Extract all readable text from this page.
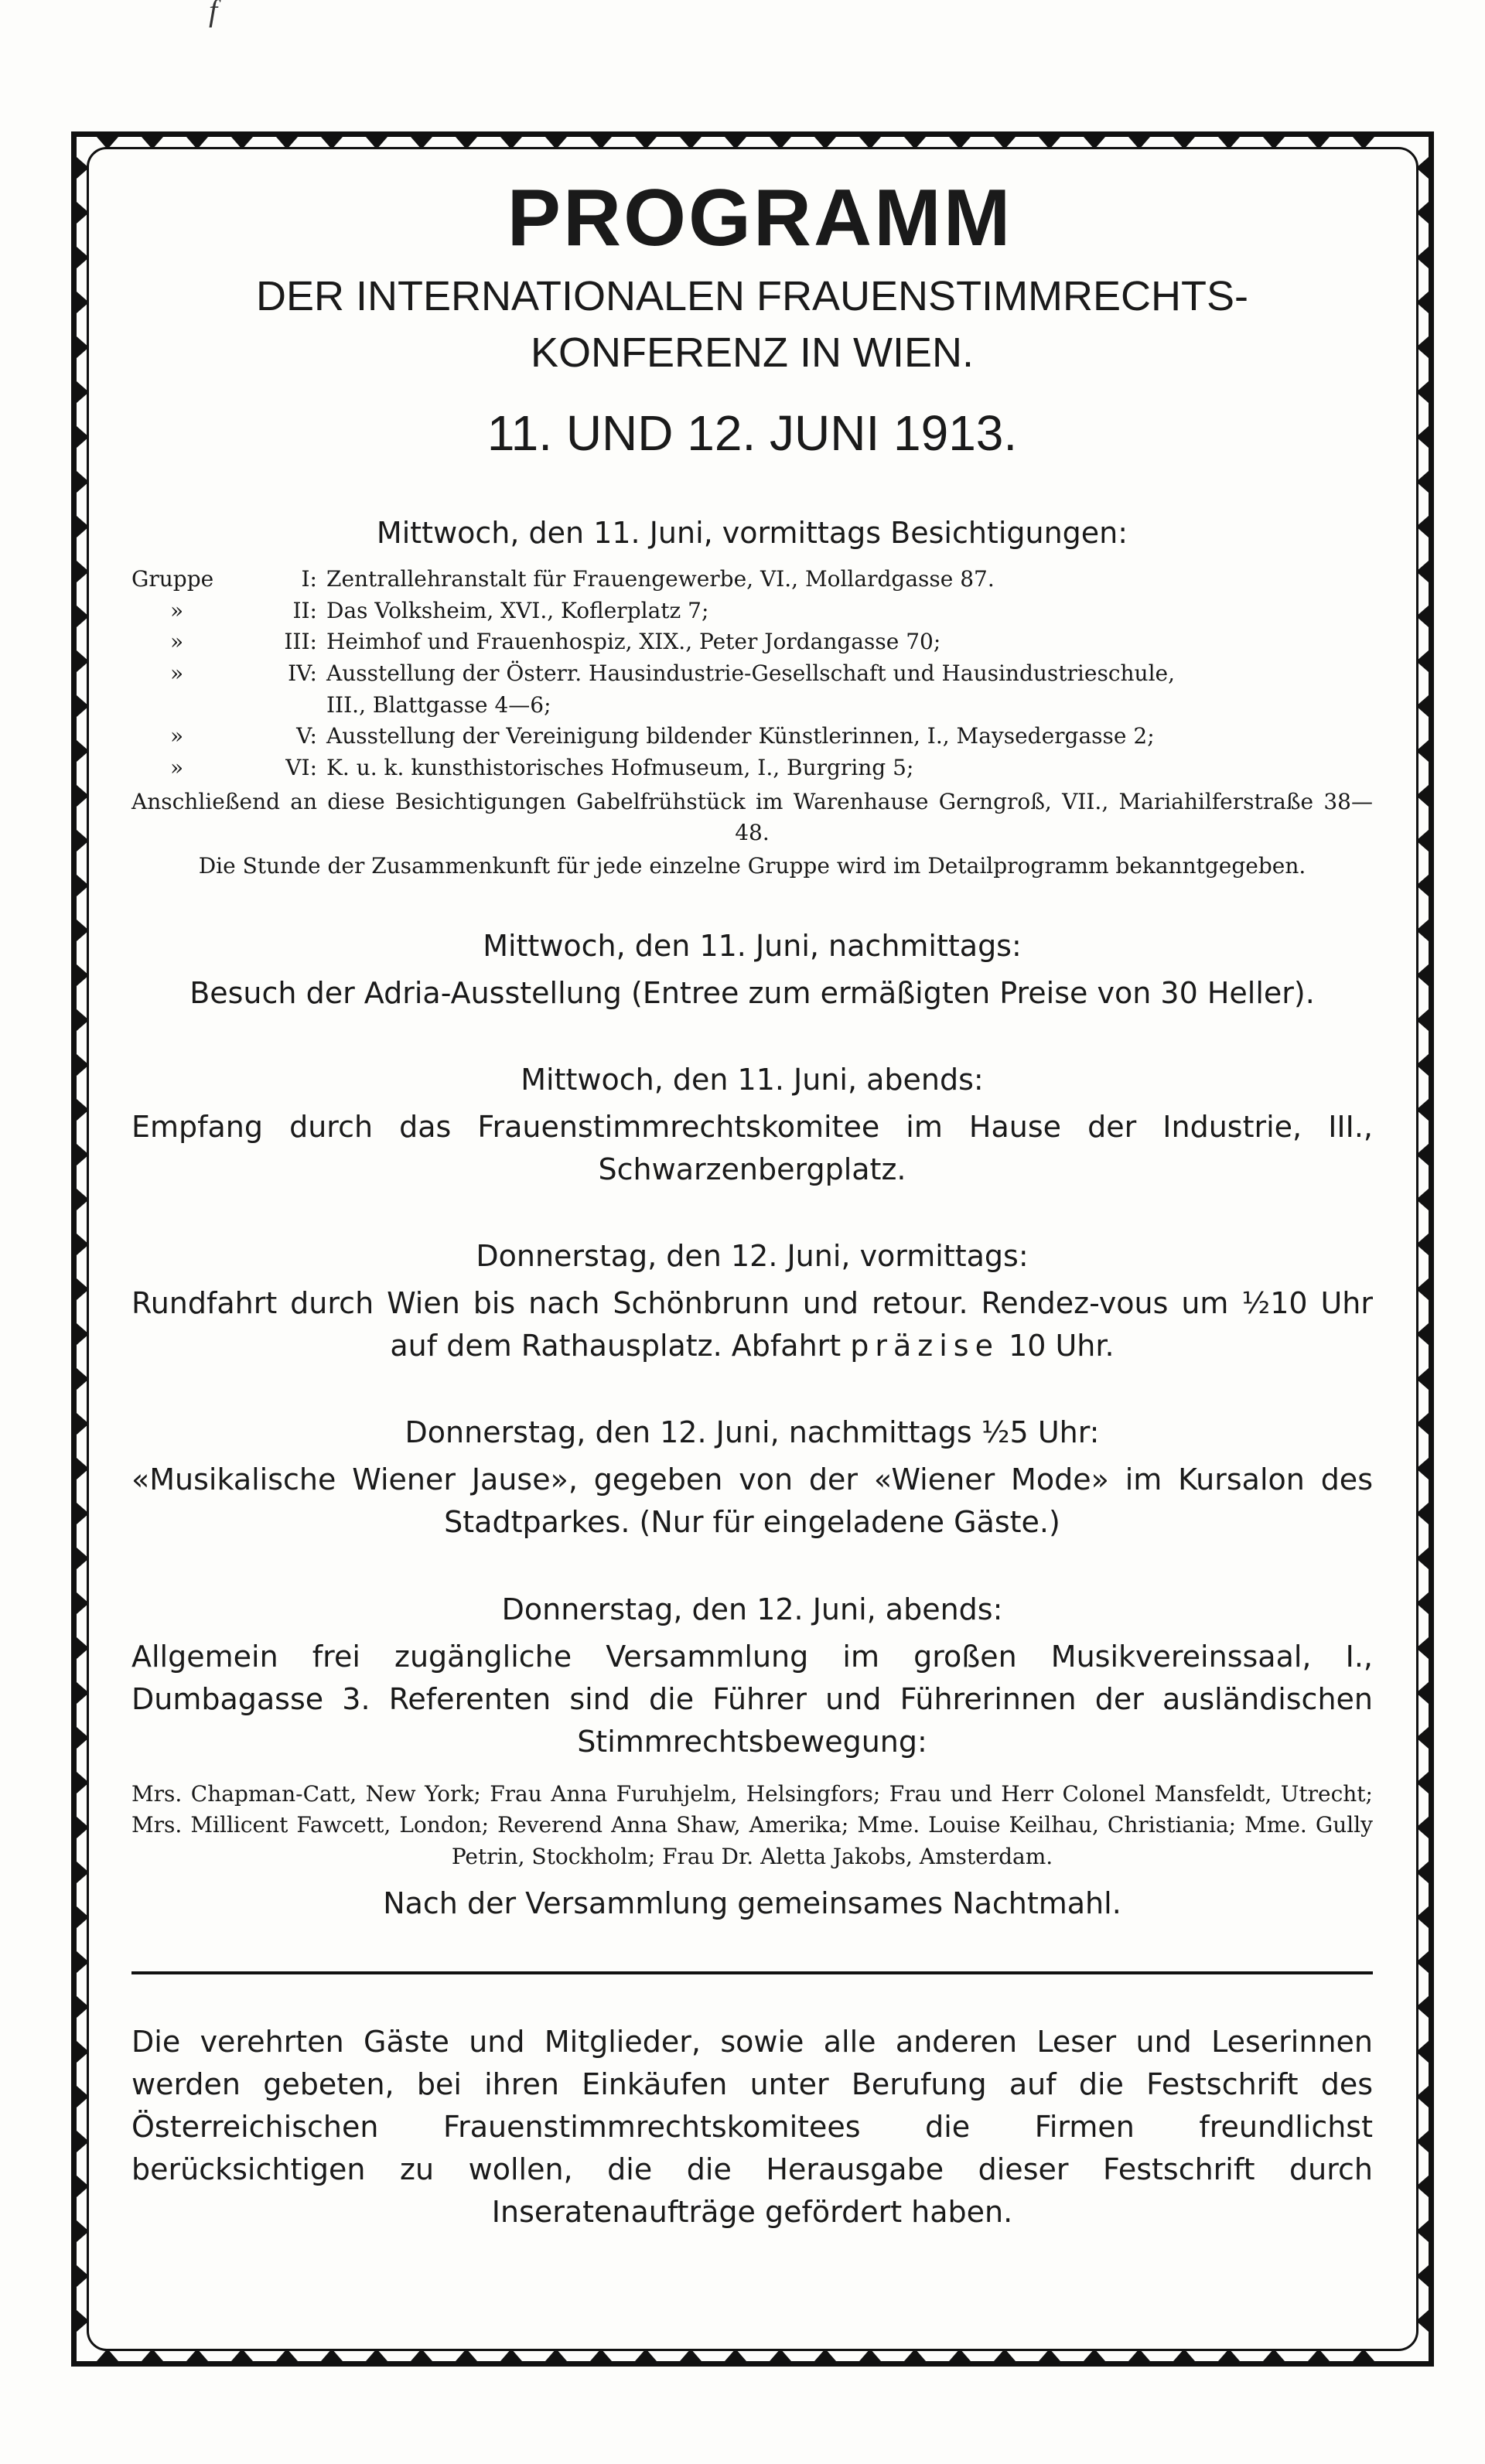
f
PROGRAMM

DER INTERNATIONALEN FRAUENSTIMMRECHTS-

KONFERENZ IN WIEN.

11. UND 12. JUNI 1913.

Mittwoch, den 11. Juni, vormittags Besichtigungen:

Gruppe	I: Zentrallehranstalt für Frauengewerbe, VI., Mollardgasse 87.
»	II: Das Volksheim, XVI., Koflerplatz 7;
»	III: Heimhof und Frauenhospiz, XIX., Peter Jordangasse 70;
»	IV: Ausstellung der Österr. Hausindustrie-Gesellschaft und Hausindustrieschule,
III., Blattgasse 4—6;
»	V: Ausstellung der Vereinigung bildender Künstlerinnen, I., Maysedergasse 2;
»	VI: K. u. k. kunsthistorisches Hofmuseum, I., Burgring 5;

Anschließend an diese Besichtigungen Gabelfrühstück im Warenhause Gerngroß, VII., Mariahilferstraße 38—48.

Die Stunde der Zusammenkunft für jede einzelne Gruppe wird im Detailprogramm bekanntgegeben.

Mittwoch, den 11. Juni, nachmittags:

Besuch der Adria-Ausstellung (Entree zum ermäßigten Preise von 30 Heller).

Mittwoch, den 11. Juni, abends:

Empfang durch das Frauenstimmrechtskomitee im Hause der Industrie, III., Schwarzenbergplatz.

Donnerstag, den 12. Juni, vormittags:

Rundfahrt durch Wien bis nach Schönbrunn und retour. Rendez-vous um ½10 Uhr auf dem Rathausplatz. Abfahrt präzise 10 Uhr.

Donnerstag, den 12. Juni, nachmittags ½5 Uhr:

«Musikalische Wiener Jause», gegeben von der «Wiener Mode» im Kursalon des Stadtparkes. (Nur für eingeladene Gäste.)

Donnerstag, den 12. Juni, abends:

Allgemein frei zugängliche Versammlung im großen Musikvereinssaal, I., Dumbagasse 3. Referenten sind die Führer und Führerinnen der ausländischen Stimmrechtsbewegung:

Mrs. Chapman-Catt, New York; Frau Anna Furuhjelm, Helsingfors; Frau und Herr Colonel Mansfeldt, Utrecht; Mrs. Millicent Fawcett, London; Reverend Anna Shaw, Amerika; Mme. Louise Keilhau, Christiania; Mme. Gully Petrin, Stockholm; Frau Dr. Aletta Jakobs, Amsterdam.

Nach der Versammlung gemeinsames Nachtmahl.

Die verehrten Gäste und Mitglieder, sowie alle anderen Leser und Leserinnen werden gebeten, bei ihren Einkäufen unter Berufung auf die Festschrift des Österreichischen Frauenstimmrechtskomitees die Firmen freundlichst berücksichtigen zu wollen, die die Herausgabe dieser Festschrift durch Inseratenaufträge gefördert haben.
